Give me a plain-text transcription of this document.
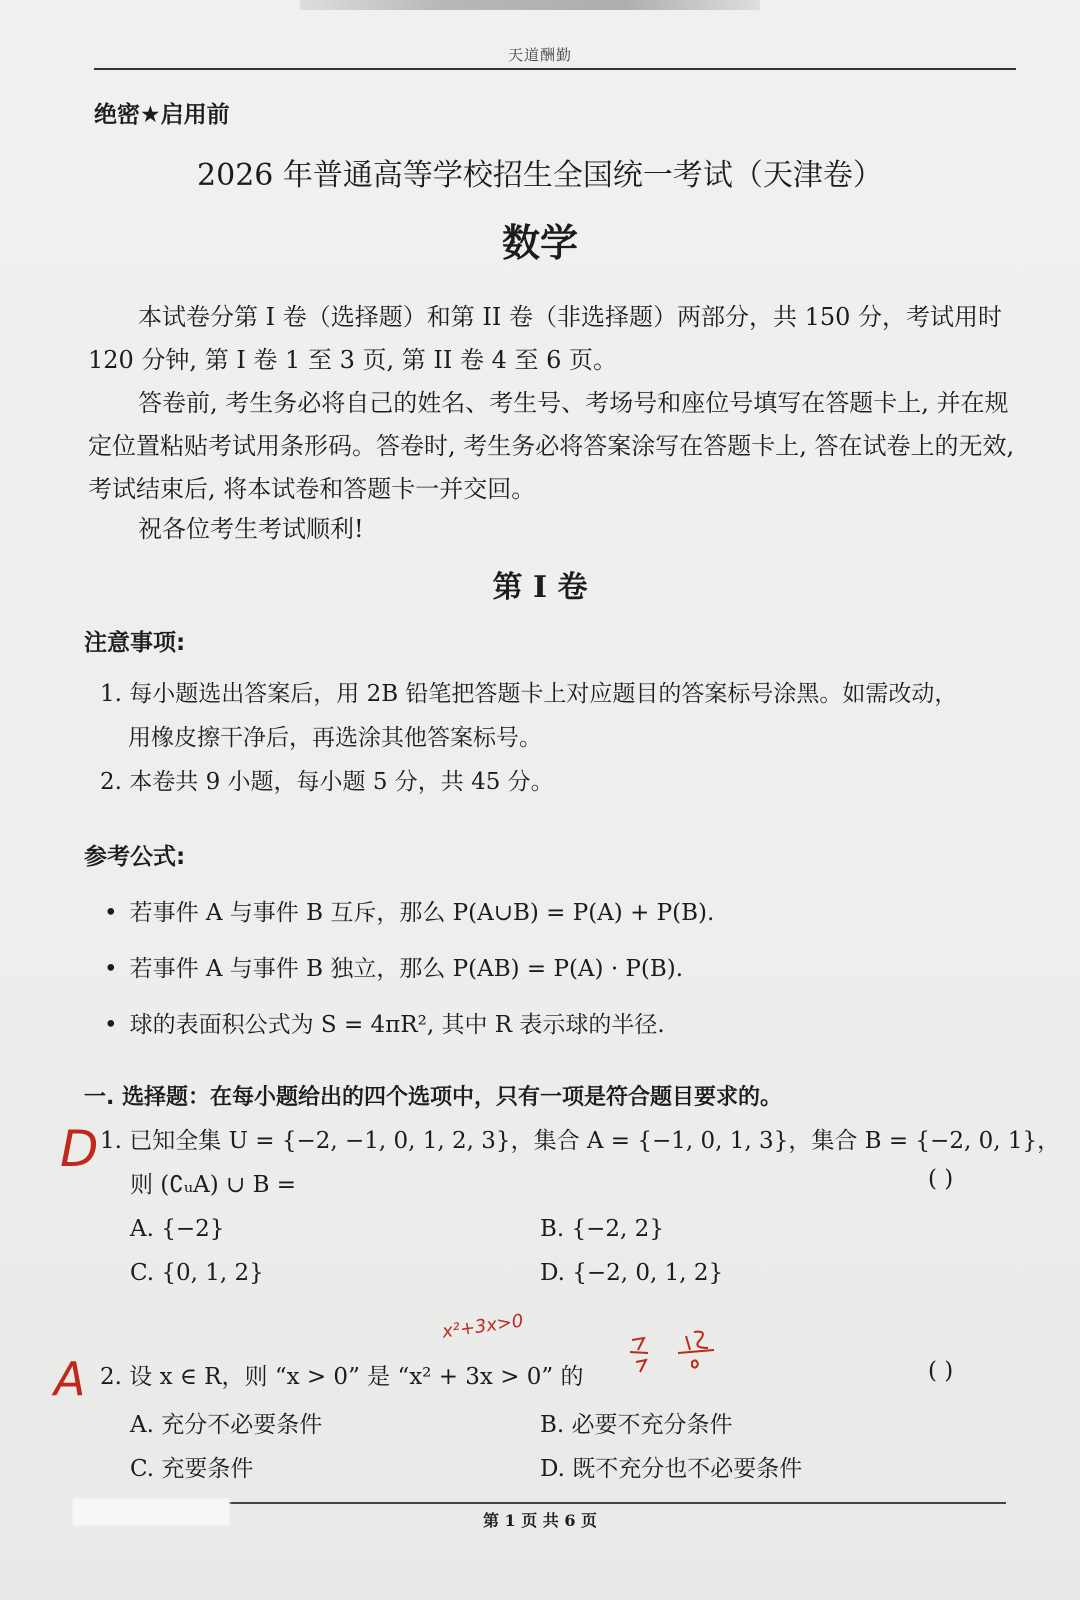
天道酬勤
绝密★启用前
2026 年普通高等学校招生全国统一考试（天津卷）
数学
本试卷分第 I 卷（选择题）和第 II 卷（非选择题）两部分，共 150 分，考试用时 120 分钟, 第 I 卷 1 至 3 页, 第 II 卷 4 至 6 页。
答卷前, 考生务必将自己的姓名、考生号、考场号和座位号填写在答题卡上, 并在规定位置粘贴考试用条形码。答卷时, 考生务必将答案涂写在答题卡上, 答在试卷上的无效, 考试结束后, 将本试卷和答题卡一并交回。
祝各位考生考试顺利!
第 I 卷
注意事项:
1. 每小题选出答案后，用 2B 铅笔把答题卡上对应题目的答案标号涂黑。如需改动，
用橡皮擦干净后，再选涂其他答案标号。
2. 本卷共 9 小题，每小题 5 分，共 45 分。
参考公式:
• 若事件 A 与事件 B 互斥，那么 P(A∪B) = P(A) + P(B).
• 若事件 A 与事件 B 独立，那么 P(AB) = P(A) · P(B).
• 球的表面积公式为 S = 4πR², 其中 R 表示球的半径.
一. 选择题：在每小题给出的四个选项中，只有一项是符合题目要求的。
1. 已知全集 U = {−2, −1, 0, 1, 2, 3}，集合 A = {−1, 0, 1, 3}，集合 B = {−2, 0, 1}，
则 (∁ᵤA) ∪ B =	( )
A. {−2}	B. {−2, 2}
C. {0, 1, 2}	D. {−2, 0, 1, 2}
D
x²+3x>0
2. 设 x ∈ R，则 “x > 0” 是 “x² + 3x > 0” 的	( )
A. 充分不必要条件	B. 必要不充分条件
C. 充要条件	D. 既不充分也不必要条件
A
第 1 页 共 6 页
